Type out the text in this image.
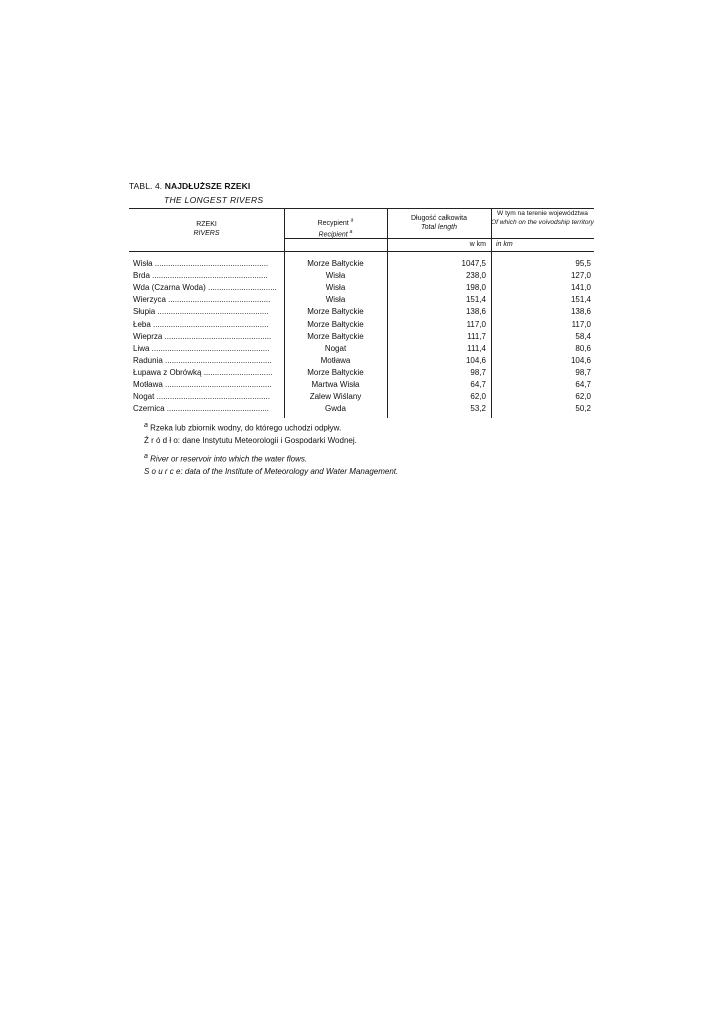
TABL. 4. NAJDŁUŻSZE RZEKI
THE LONGEST RIVERS
RZEKI
RIVERS
Recypient $^a$
Recipient $^a$
Długość całkowita
Total length
W tym na terenie województwa
Of which on the voivodship territory
w km in km
Wisła ...................................................	Morze Bałtyckie	1047,5	95,5
Brda ....................................................	Wisła	238,0	127,0
Wda (Czarna Woda) ...............................	Wisła	198,0	141,0
Wierzyca ..............................................	Wisła	151,4	151,4
Słupia ..................................................	Morze Bałtyckie	138,6	138,6
Łeba ....................................................	Morze Bałtyckie	117,0	117,0
Wieprza ................................................	Morze Bałtyckie	111,7	58,4
Liwa .....................................................	Nogat	111,4	80,6
Radunia ................................................	Motława	104,6	104,6
Łupawa z Obrówką ...............................	Morze Bałtyckie	98,7	98,7
Motława ................................................	Martwa Wisła	64,7	64,7
Nogat ...................................................	Zalew Wiślany	62,0	62,0
Czernica ..............................................	Gwda	53,2	50,2
$^a$ Rzeka lub zbiornik wodny, do którego uchodzi odpływ.
Ź r ó d ł o: dane Instytutu Meteorologii i Gospodarki Wodnej.
$^a$ River or reservoir into which the water flows.
S o u r c e: data of the Institute of Meteorology and Water Management.
